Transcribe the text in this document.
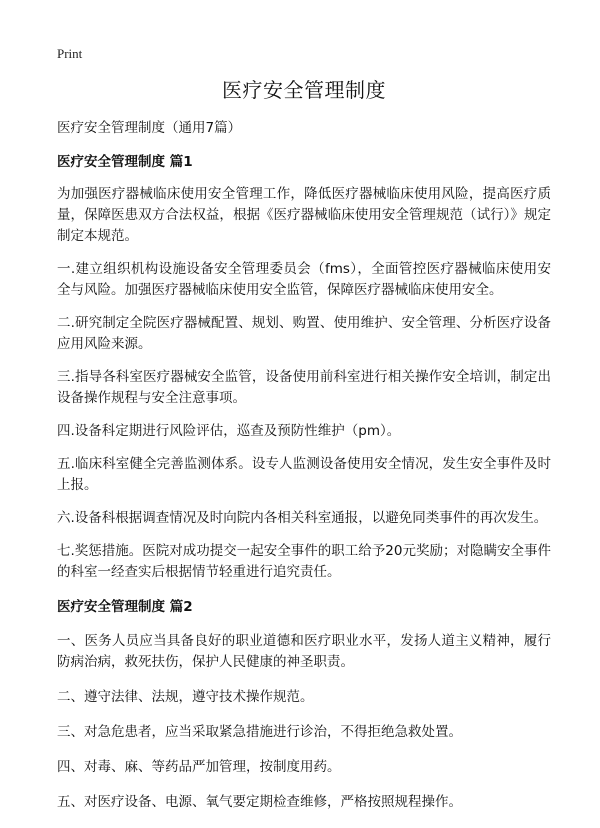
Print
医疗安全管理制度

医疗安全管理制度（通用7篇）

医疗安全管理制度 篇1

为加强医疗器械临床使用安全管理工作，降低医疗器械临床使用风险，提高医疗质量，保障医患双方合法权益，根据《医疗器械临床使用安全管理规范（试行）》规定制定本规范。

一.建立组织机构设施设备安全管理委员会（fms），全面管控医疗器械临床使用安全与风险。加强医疗器械临床使用安全监管，保障医疗器械临床使用安全。

二.研究制定全院医疗器械配置、规划、购置、使用维护、安全管理、分析医疗设备应用风险来源。

三.指导各科室医疗器械安全监管，设备使用前科室进行相关操作安全培训，制定出设备操作规程与安全注意事项。

四.设备科定期进行风险评估，巡查及预防性维护（pm）。

五.临床科室健全完善监测体系。设专人监测设备使用安全情况，发生安全事件及时上报。

六.设备科根据调查情况及时向院内各相关科室通报，以避免同类事件的再次发生。

七.奖惩措施。医院对成功提交一起安全事件的职工给予20元奖励；对隐瞒安全事件的科室一经查实后根据情节轻重进行追究责任。

医疗安全管理制度 篇2

一、医务人员应当具备良好的职业道德和医疗职业水平，发扬人道主义精神，履行防病治病，救死扶伤，保护人民健康的神圣职责。

二、遵守法律、法规，遵守技术操作规范。

三、对急危患者，应当采取紧急措施进行诊治，不得拒绝急救处置。

四、对毒、麻、等药品严加管理，按制度用药。

五、对医疗设备、电源、氧气要定期检查维修，严格按照规程操作。
